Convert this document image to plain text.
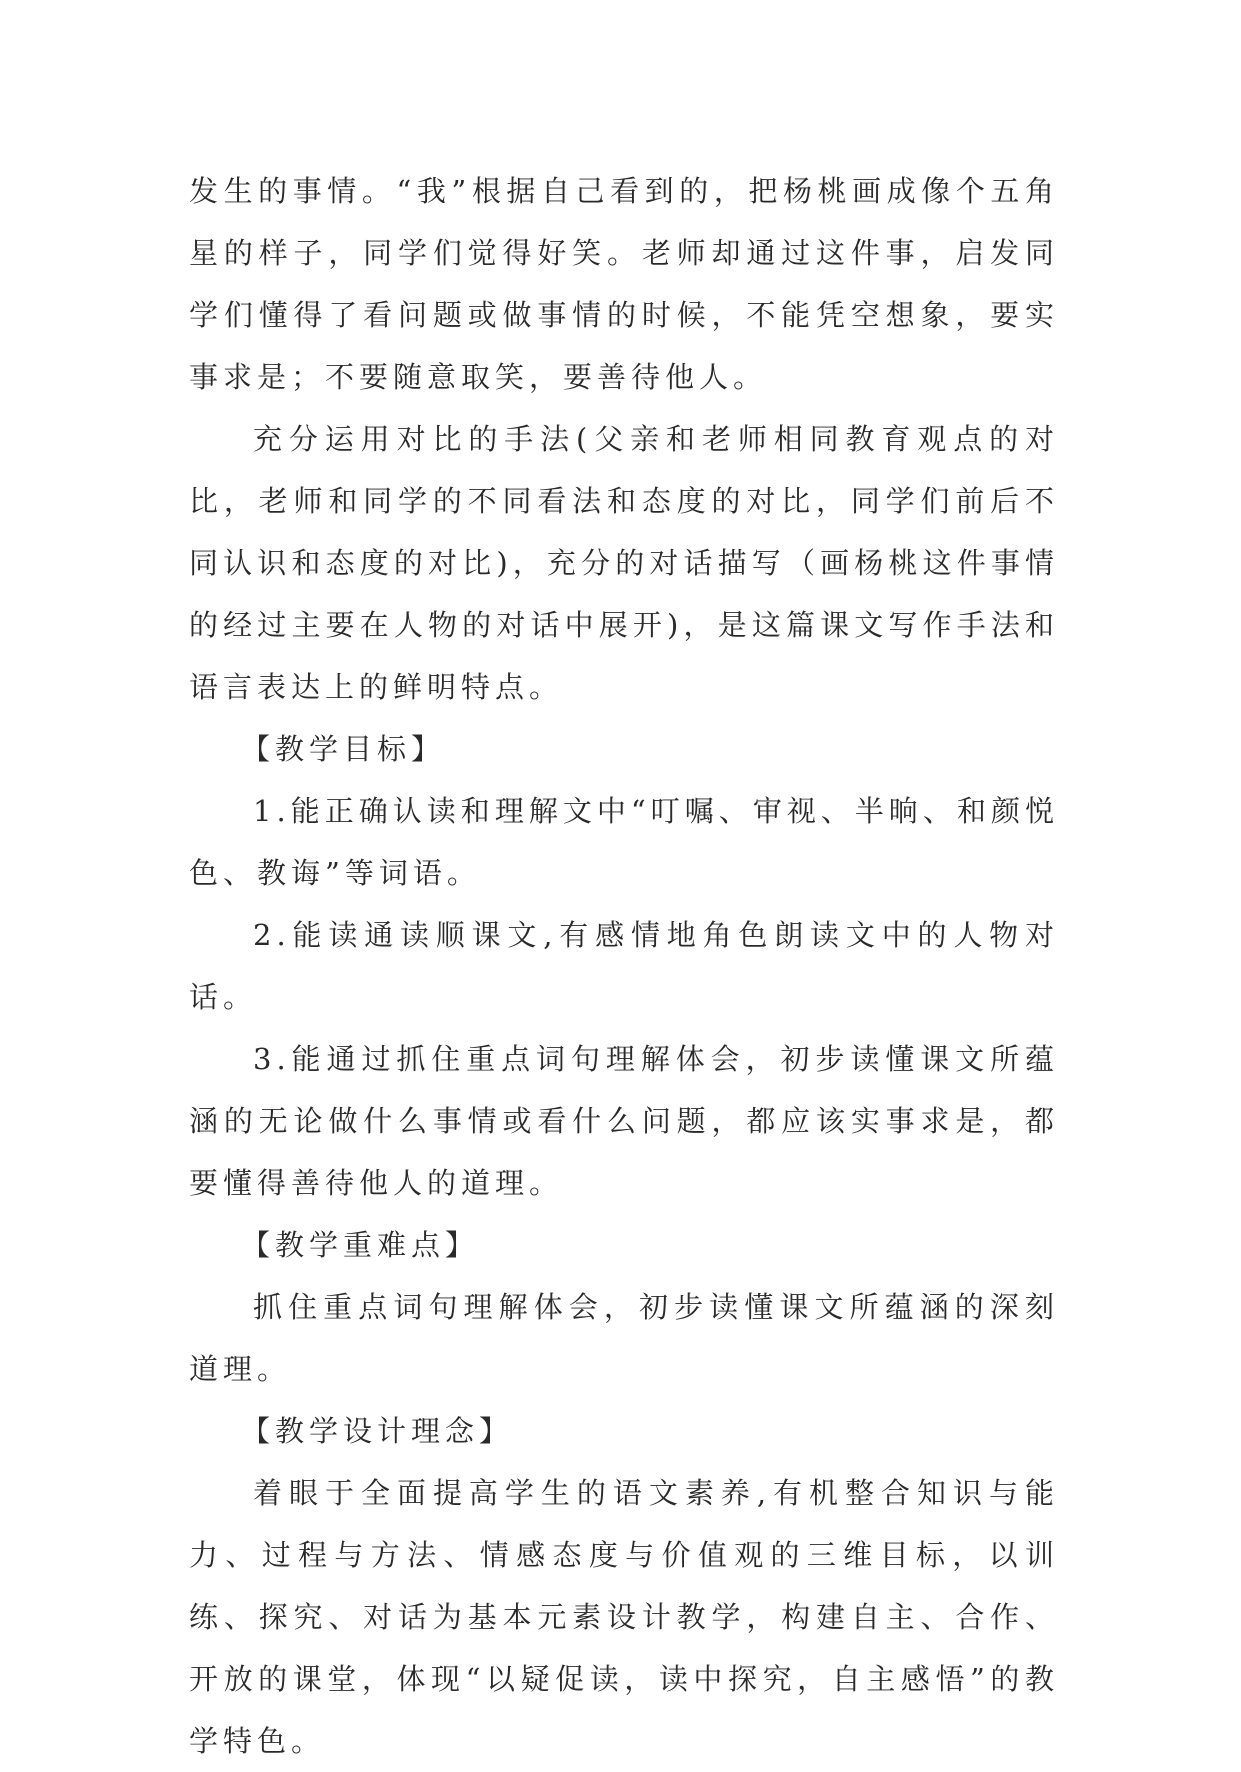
发生的事情。“我”根据自己看到的，把杨桃画成像个五角星的样子，同学们觉得好笑。老师却通过这件事，启发同学们懂得了看问题或做事情的时候，不能凭空想象，要实事求是；不要随意取笑，要善待他人。

充分运用对比的手法(父亲和老师相同教育观点的对比，老师和同学的不同看法和态度的对比，同学们前后不同认识和态度的对比)，充分的对话描写（画杨桃这件事情的经过主要在人物的对话中展开)，是这篇课文写作手法和语言表达上的鲜明特点。

【教学目标】

1.能正确认读和理解文中“叮嘱、审视、半晌、和颜悦色、教诲”等词语。

2.能读通读顺课文,有感情地角色朗读文中的人物对话。

3.能通过抓住重点词句理解体会，初步读懂课文所蕴涵的无论做什么事情或看什么问题，都应该实事求是，都要懂得善待他人的道理。

【教学重难点】

抓住重点词句理解体会，初步读懂课文所蕴涵的深刻道理。

【教学设计理念】

着眼于全面提高学生的语文素养,有机整合知识与能力、过程与方法、情感态度与价值观的三维目标，以训练、探究、对话为基本元素设计教学，构建自主、合作、开放的课堂，体现“以疑促读，读中探究，自主感悟”的教学特色。
